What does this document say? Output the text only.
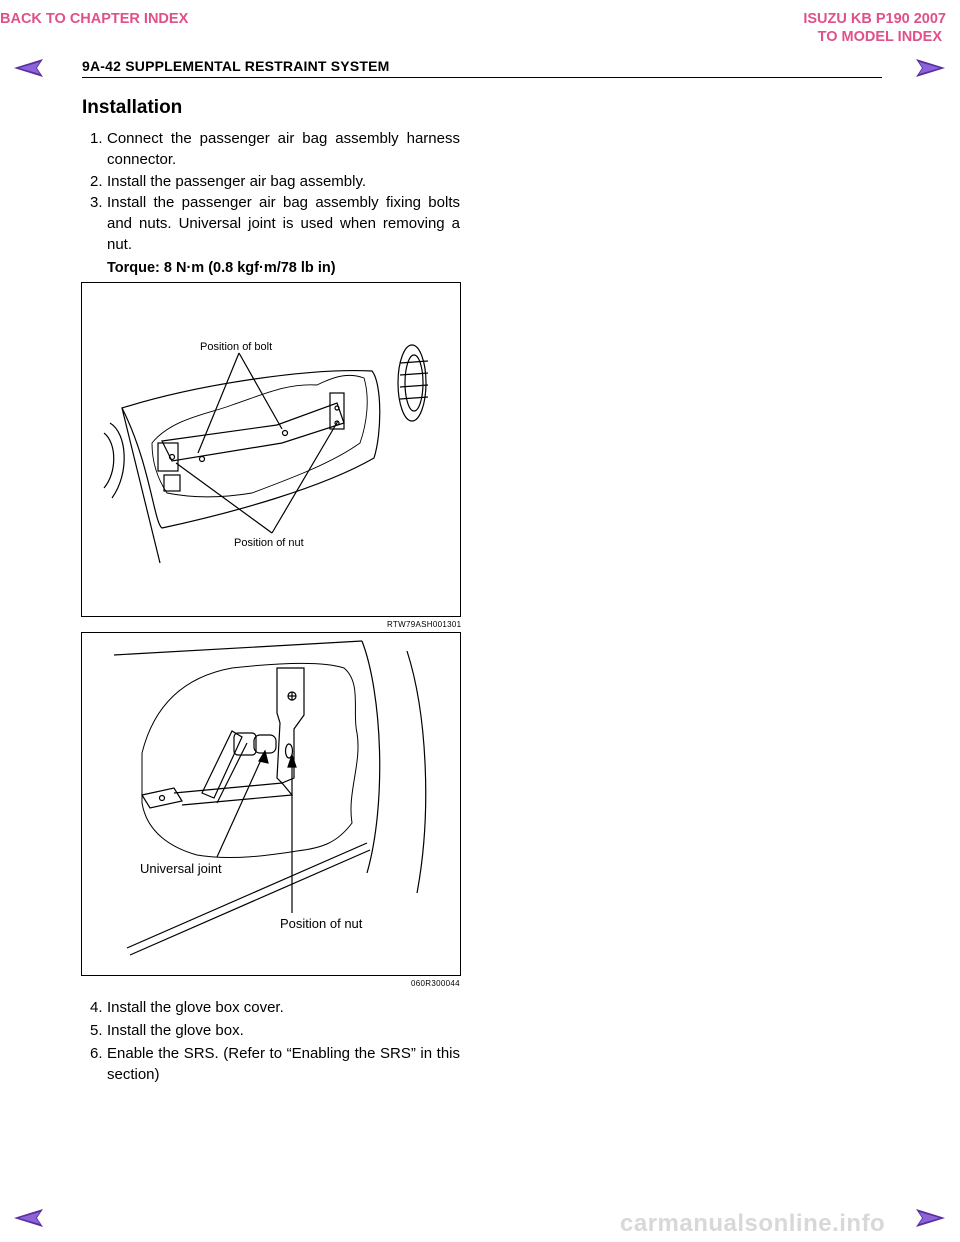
BACK TO CHAPTER INDEX	ISUZU KB P190 2007
TO MODEL INDEX
9A-42 SUPPLEMENTAL RESTRAINT SYSTEM
Installation
1. Connect the passenger air bag assembly harness connector.
2. Install the passenger air bag assembly.
3. Install the passenger air bag assembly fixing bolts and nuts. Universal joint is used when removing a nut.
Torque: 8 N·m (0.8 kgf·m/78 lb in)
Position of bolt
Position of nut
RTW79ASH001301
Universal joint
Position of nut
060R300044
4. Install the glove box cover.
5. Install the glove box.
6. Enable the SRS. (Refer to “Enabling the SRS” in this section)
carmanualsonline.info
